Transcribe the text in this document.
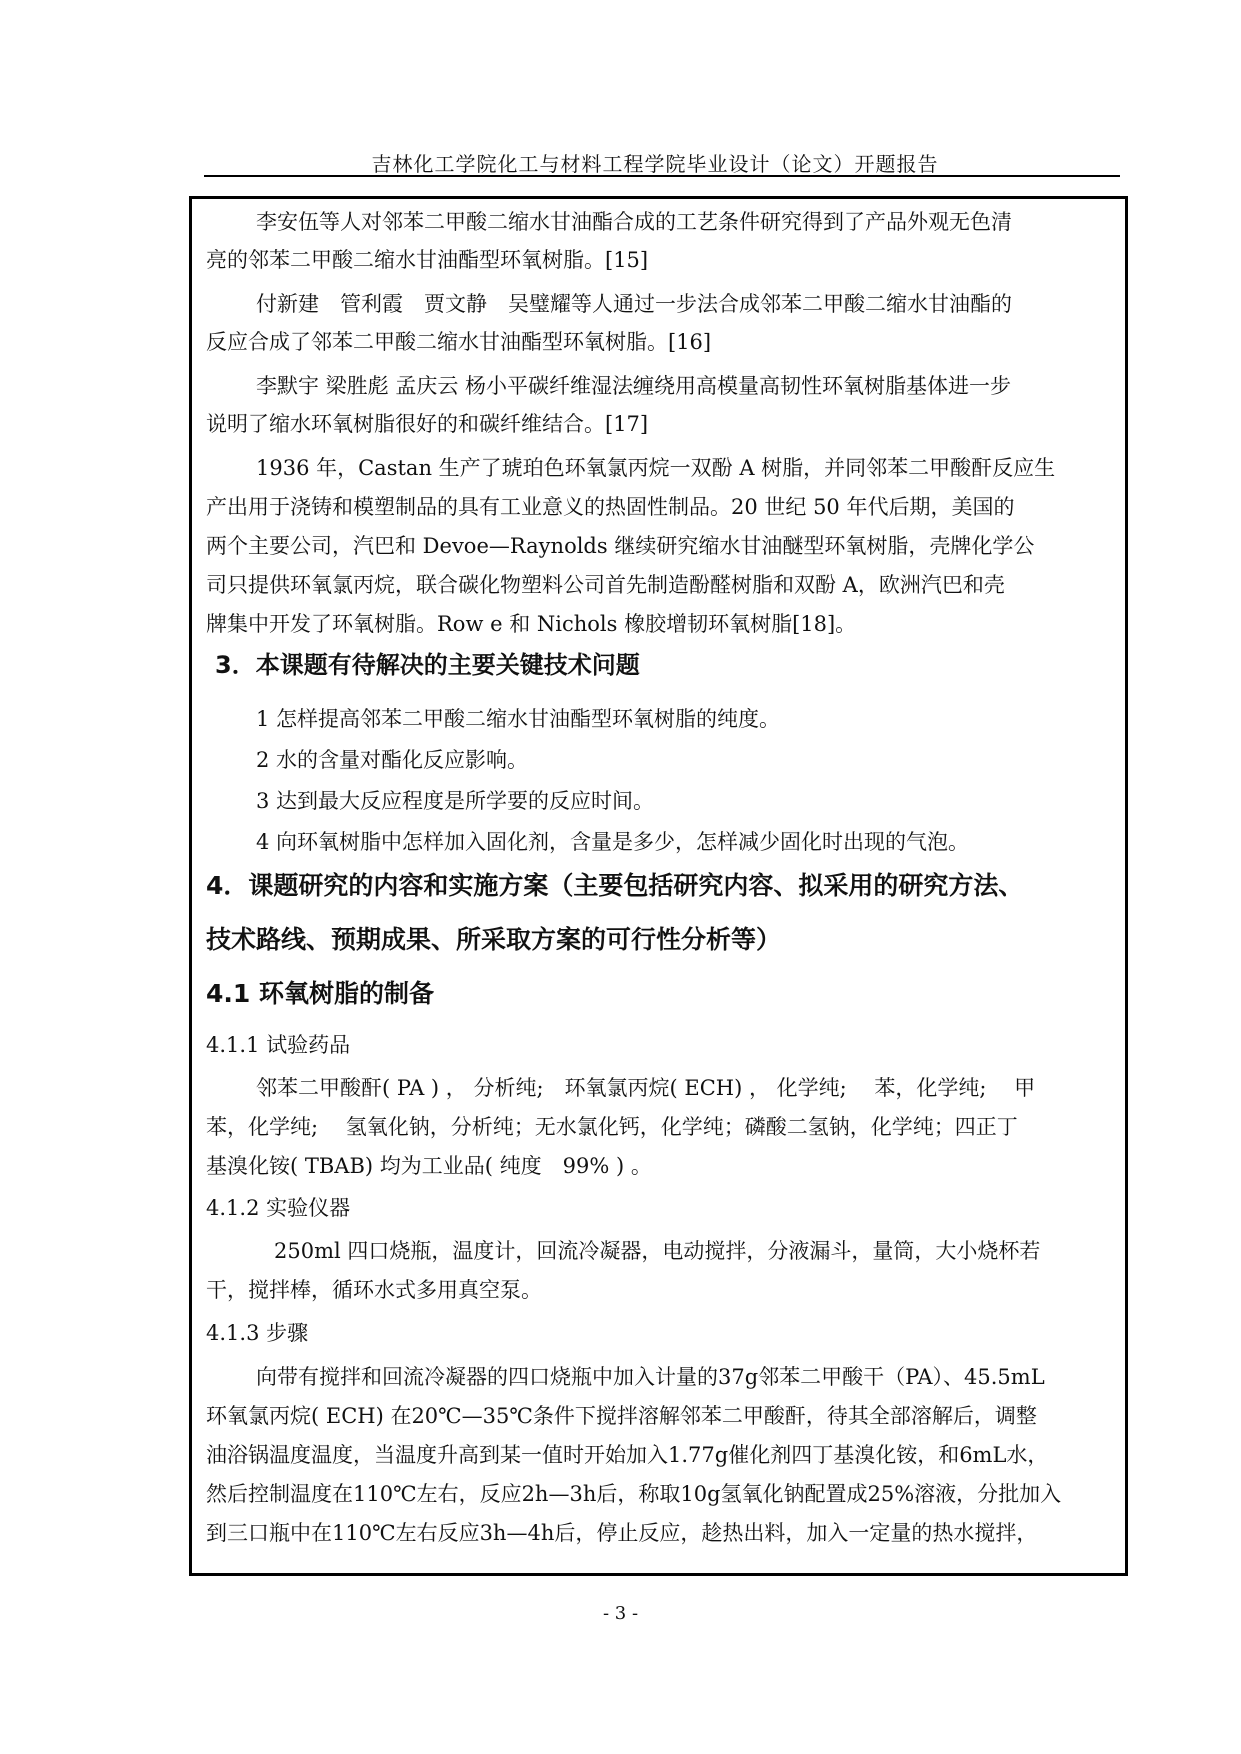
吉林化工学院化工与材料工程学院毕业设计（论文）开题报告

李安伍等人对邻苯二甲酸二缩水甘油酯合成的工艺条件研究得到了产品外观无色清

亮的邻苯二甲酸二缩水甘油酯型环氧树脂。[15]

付新建　管利霞　贾文静　吴璧耀等人通过一步法合成邻苯二甲酸二缩水甘油酯的

反应合成了邻苯二甲酸二缩水甘油酯型环氧树脂。[16]

李默宇 梁胜彪 孟庆云 杨小平碳纤维湿法缠绕用高模量高韧性环氧树脂基体进一步

说明了缩水环氧树脂很好的和碳纤维结合。[17]

1936 年，Castan 生产了琥珀色环氧氯丙烷一双酚 A 树脂，并同邻苯二甲酸酐反应生

产出用于浇铸和模塑制品的具有工业意义的热固性制品。20 世纪 50 年代后期，美国的

两个主要公司，汽巴和 Devoe—Raynolds 继续研究缩水甘油醚型环氧树脂，壳牌化学公

司只提供环氧氯丙烷，联合碳化物塑料公司首先制造酚醛树脂和双酚 A，欧洲汽巴和壳

牌集中开发了环氧树脂。Row e 和 Nichols 橡胶增韧环氧树脂[18]。

3．本课题有待解决的主要关键技术问题

1 怎样提高邻苯二甲酸二缩水甘油酯型环氧树脂的纯度。

2 水的含量对酯化反应影响。

3 达到最大反应程度是所学要的反应时间。

4 向环氧树脂中怎样加入固化剂，含量是多少，怎样减少固化时出现的气泡。

4．课题研究的内容和实施方案（主要包括研究内容、拟采用的研究方法、

技术路线、预期成果、所采取方案的可行性分析等）

4.1 环氧树脂的制备

4.1.1 试验药品

邻苯二甲酸酐( PA ) ， 分析纯;　环氧氯丙烷( ECH) ， 化学纯;　 苯，化学纯;　 甲

苯，化学纯;　 氢氧化钠，分析纯；无水氯化钙，化学纯；磷酸二氢钠，化学纯；四正丁

基溴化铵( TBAB) 均为工业品( 纯度　99% ) 。

4.1.2 实验仪器

250ml 四口烧瓶，温度计，回流冷凝器，电动搅拌，分液漏斗，量筒，大小烧杯若

干，搅拌棒，循环水式多用真空泵。

4.1.3 步骤

向带有搅拌和回流冷凝器的四口烧瓶中加入计量的37g邻苯二甲酸干（PA）、45.5mL

环氧氯丙烷( ECH) 在20℃—35℃条件下搅拌溶解邻苯二甲酸酐，待其全部溶解后，调整

油浴锅温度温度，当温度升高到某一值时开始加入1.77g催化剂四丁基溴化铵，和6mL水，

然后控制温度在110℃左右，反应2h—3h后，称取10g氢氧化钠配置成25%溶液，分批加入

到三口瓶中在110℃左右反应3h—4h后，停止反应，趁热出料，加入一定量的热水搅拌，

- 3 -
